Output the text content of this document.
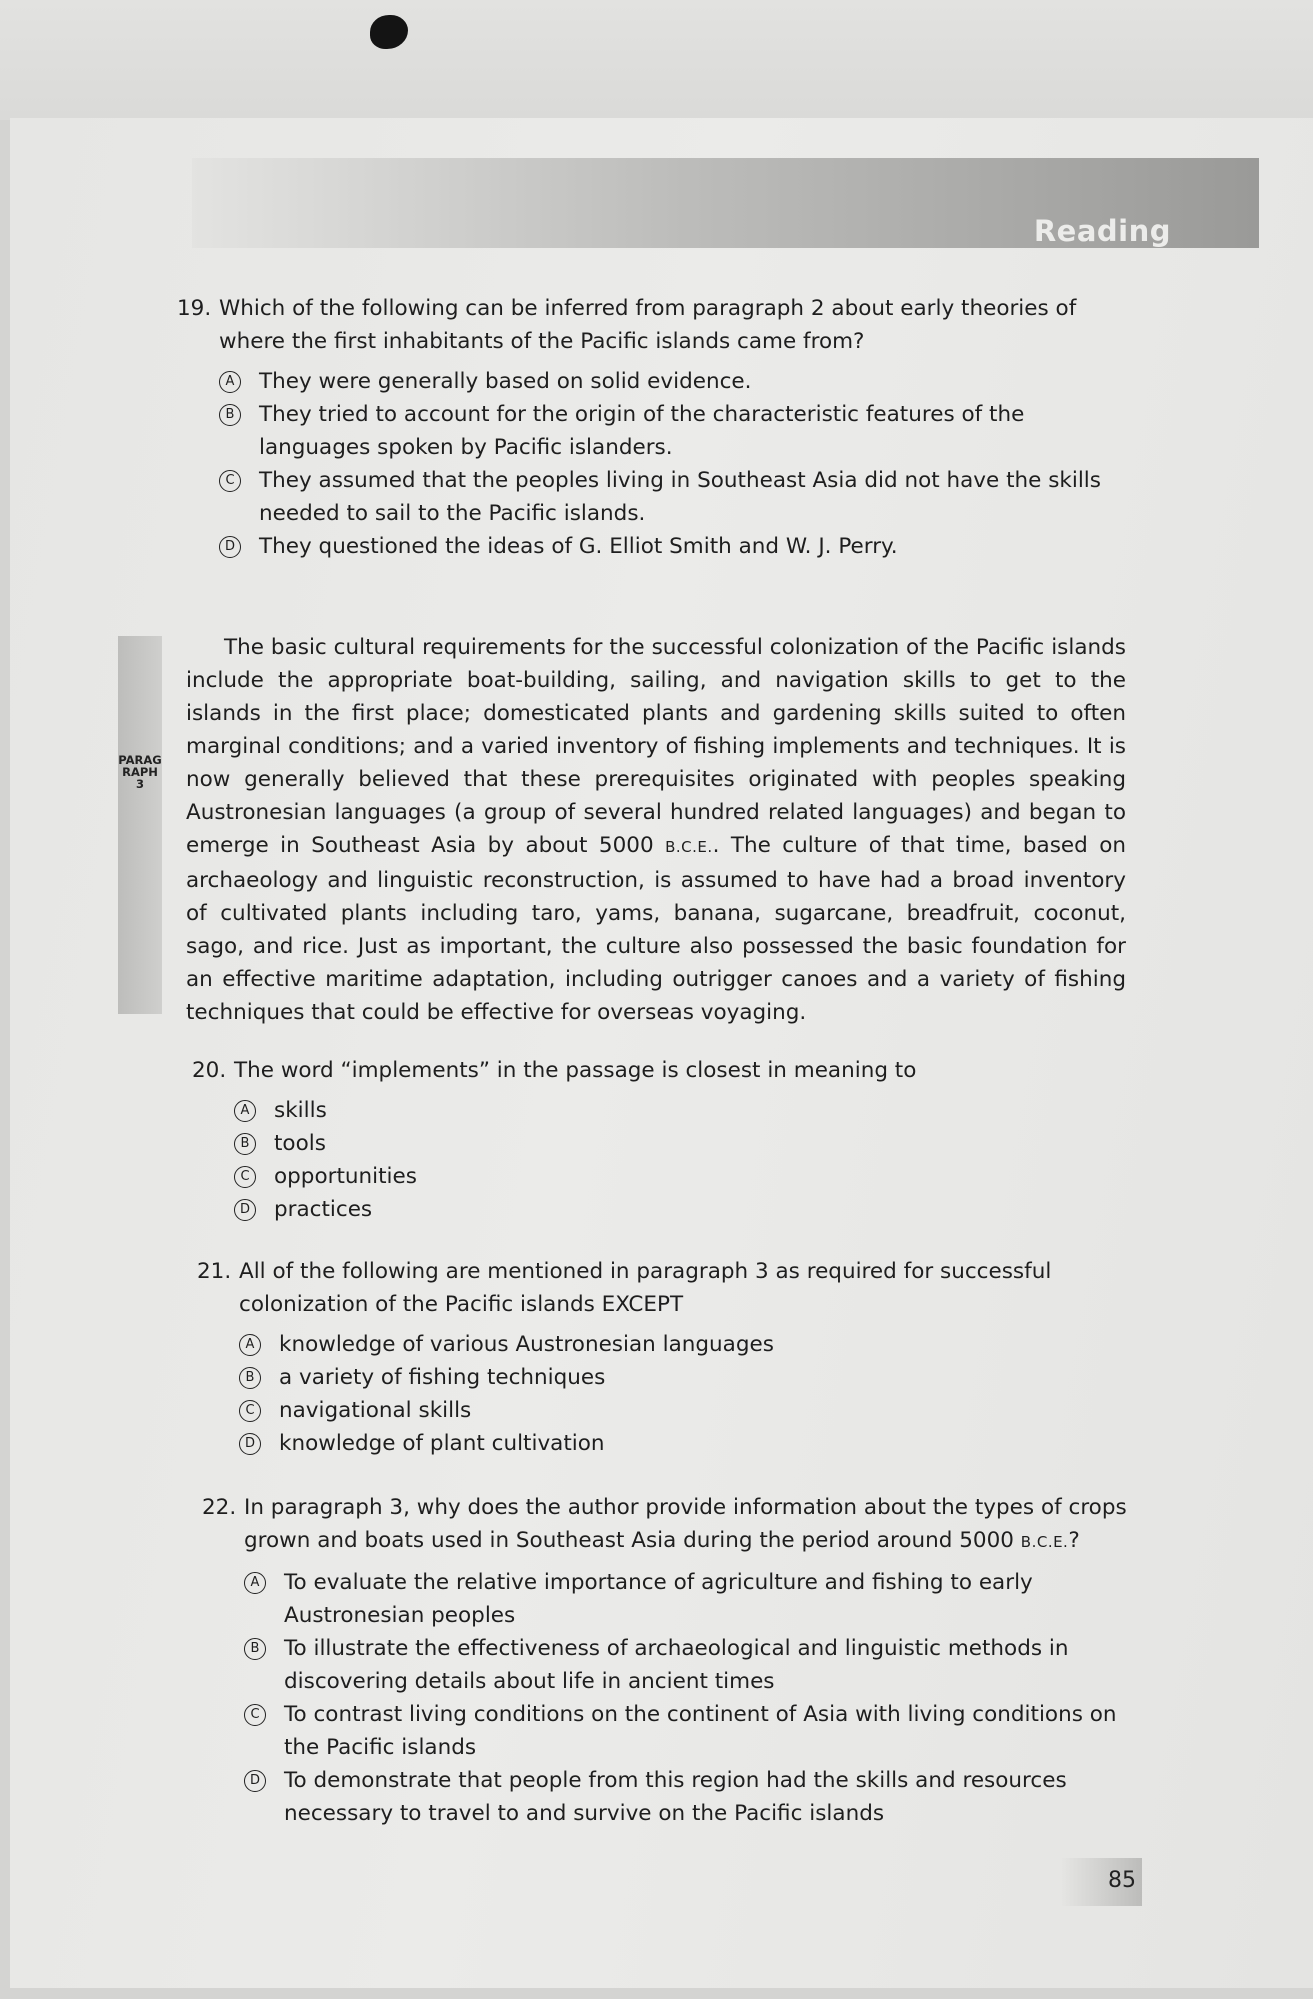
Reading
19. Which of the following can be inferred from paragraph 2 about early theories of where the first inhabitants of the Pacific islands came from?
A	They were generally based on solid evidence.
B	They tried to account for the origin of the characteristic features of the languages spoken by Pacific islanders.
C	They assumed that the peoples living in Southeast Asia did not have the skills needed to sail to the Pacific islands.
D They questioned the ideas of G. Elliot Smith and W. J. Perry.
PARAGRAPH 3

The basic cultural requirements for the successful colonization of the Pacific islands include the appropriate boat-building, sailing, and navigation skills to get to the islands in the first place; domesticated plants and gardening skills suited to often marginal conditions; and a varied inventory of fishing implements and techniques. It is now generally believed that these prerequisites originated with peoples speaking Austronesian languages (a group of several hundred related languages) and began to emerge in Southeast Asia by about 5000 B.C.E.. The culture of that time, based on archaeology and linguistic reconstruction, is assumed to have had a broad inventory of cultivated plants including taro, yams, banana, sugarcane, breadfruit, coconut, sago, and rice. Just as important, the culture also possessed the basic foundation for an effective maritime adaptation, including outrigger canoes and a variety of fishing techniques that could be effective for overseas voyaging.

20. The word “implements” in the passage is closest in meaning to
A	skills
B	tools
C	opportunities
D practices
21. All of the following are mentioned in paragraph 3 as required for successful colonization of the Pacific islands EXCEPT
A	knowledge of various Austronesian languages
B	a variety of fishing techniques
C	navigational skills
D knowledge of plant cultivation
22. In paragraph 3, why does the author provide information about the types of crops grown and boats used in Southeast Asia during the period around 5000 B.C.E.?
A	To evaluate the relative importance of agriculture and fishing to early Austronesian peoples
B	To illustrate the effectiveness of archaeological and linguistic methods in discovering details about life in ancient times
C	To contrast living conditions on the continent of Asia with living conditions on the Pacific islands
D To demonstrate that people from this region had the skills and resources necessary to travel to and survive on the Pacific islands
85
